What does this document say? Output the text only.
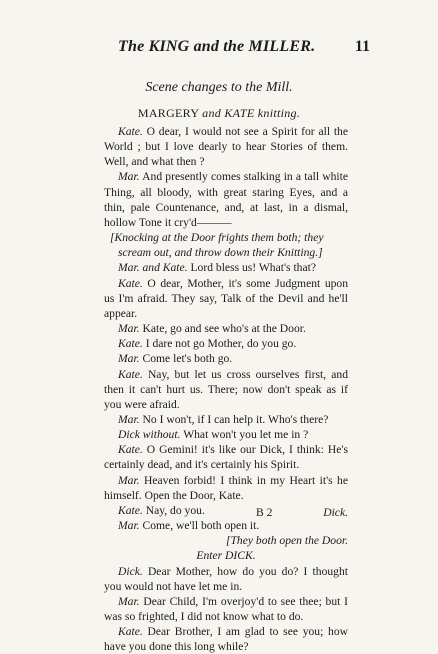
The KING and the MILLER.	11
Scene changes to the Mill.
MARGERY and KATE knitting.

Kate. O dear, I would not see a Spirit for all the World ; but I love dearly to hear Stories of them. Well, and what then ?

Mar. And presently comes stalking in a tall white Thing, all bloody, with great staring Eyes, and a thin, pale Countenance, and, at last, in a dismal, hollow Tone it cry'd———

[Knocking at the Door frights them both; they scream out, and throw down their Knitting.]

Mar. and Kate. Lord bless us! What's that?

Kate. O dear, Mother, it's some Judgment upon us I'm afraid. They say, Talk of the Devil and he'll appear.

Mar. Kate, go and see who's at the Door.

Kate. I dare not go Mother, do you go.

Mar. Come let's both go.

Kate. Nay, but let us cross ourselves first, and then it can't hurt us. There; now don't speak as if you were afraid.

Mar. No I won't, if I can help it. Who's there?

Dick without. What won't you let me in ?

Kate. O Gemini! it's like our Dick, I think: He's certainly dead, and it's certainly his Spirit.

Mar. Heaven forbid! I think in my Heart it's he himself. Open the Door, Kate.

Kate. Nay, do you.

Mar. Come, we'll both open it.

[They both open the Door.

Enter DICK.

Dick. Dear Mother, how do you do? I thought you would not have let me in.

Mar. Dear Child, I'm overjoy'd to see thee; but I was so frighted, I did not know what to do.

Kate. Dear Brother, I am glad to see you; how have you done this long while?

B 2	Dick.
